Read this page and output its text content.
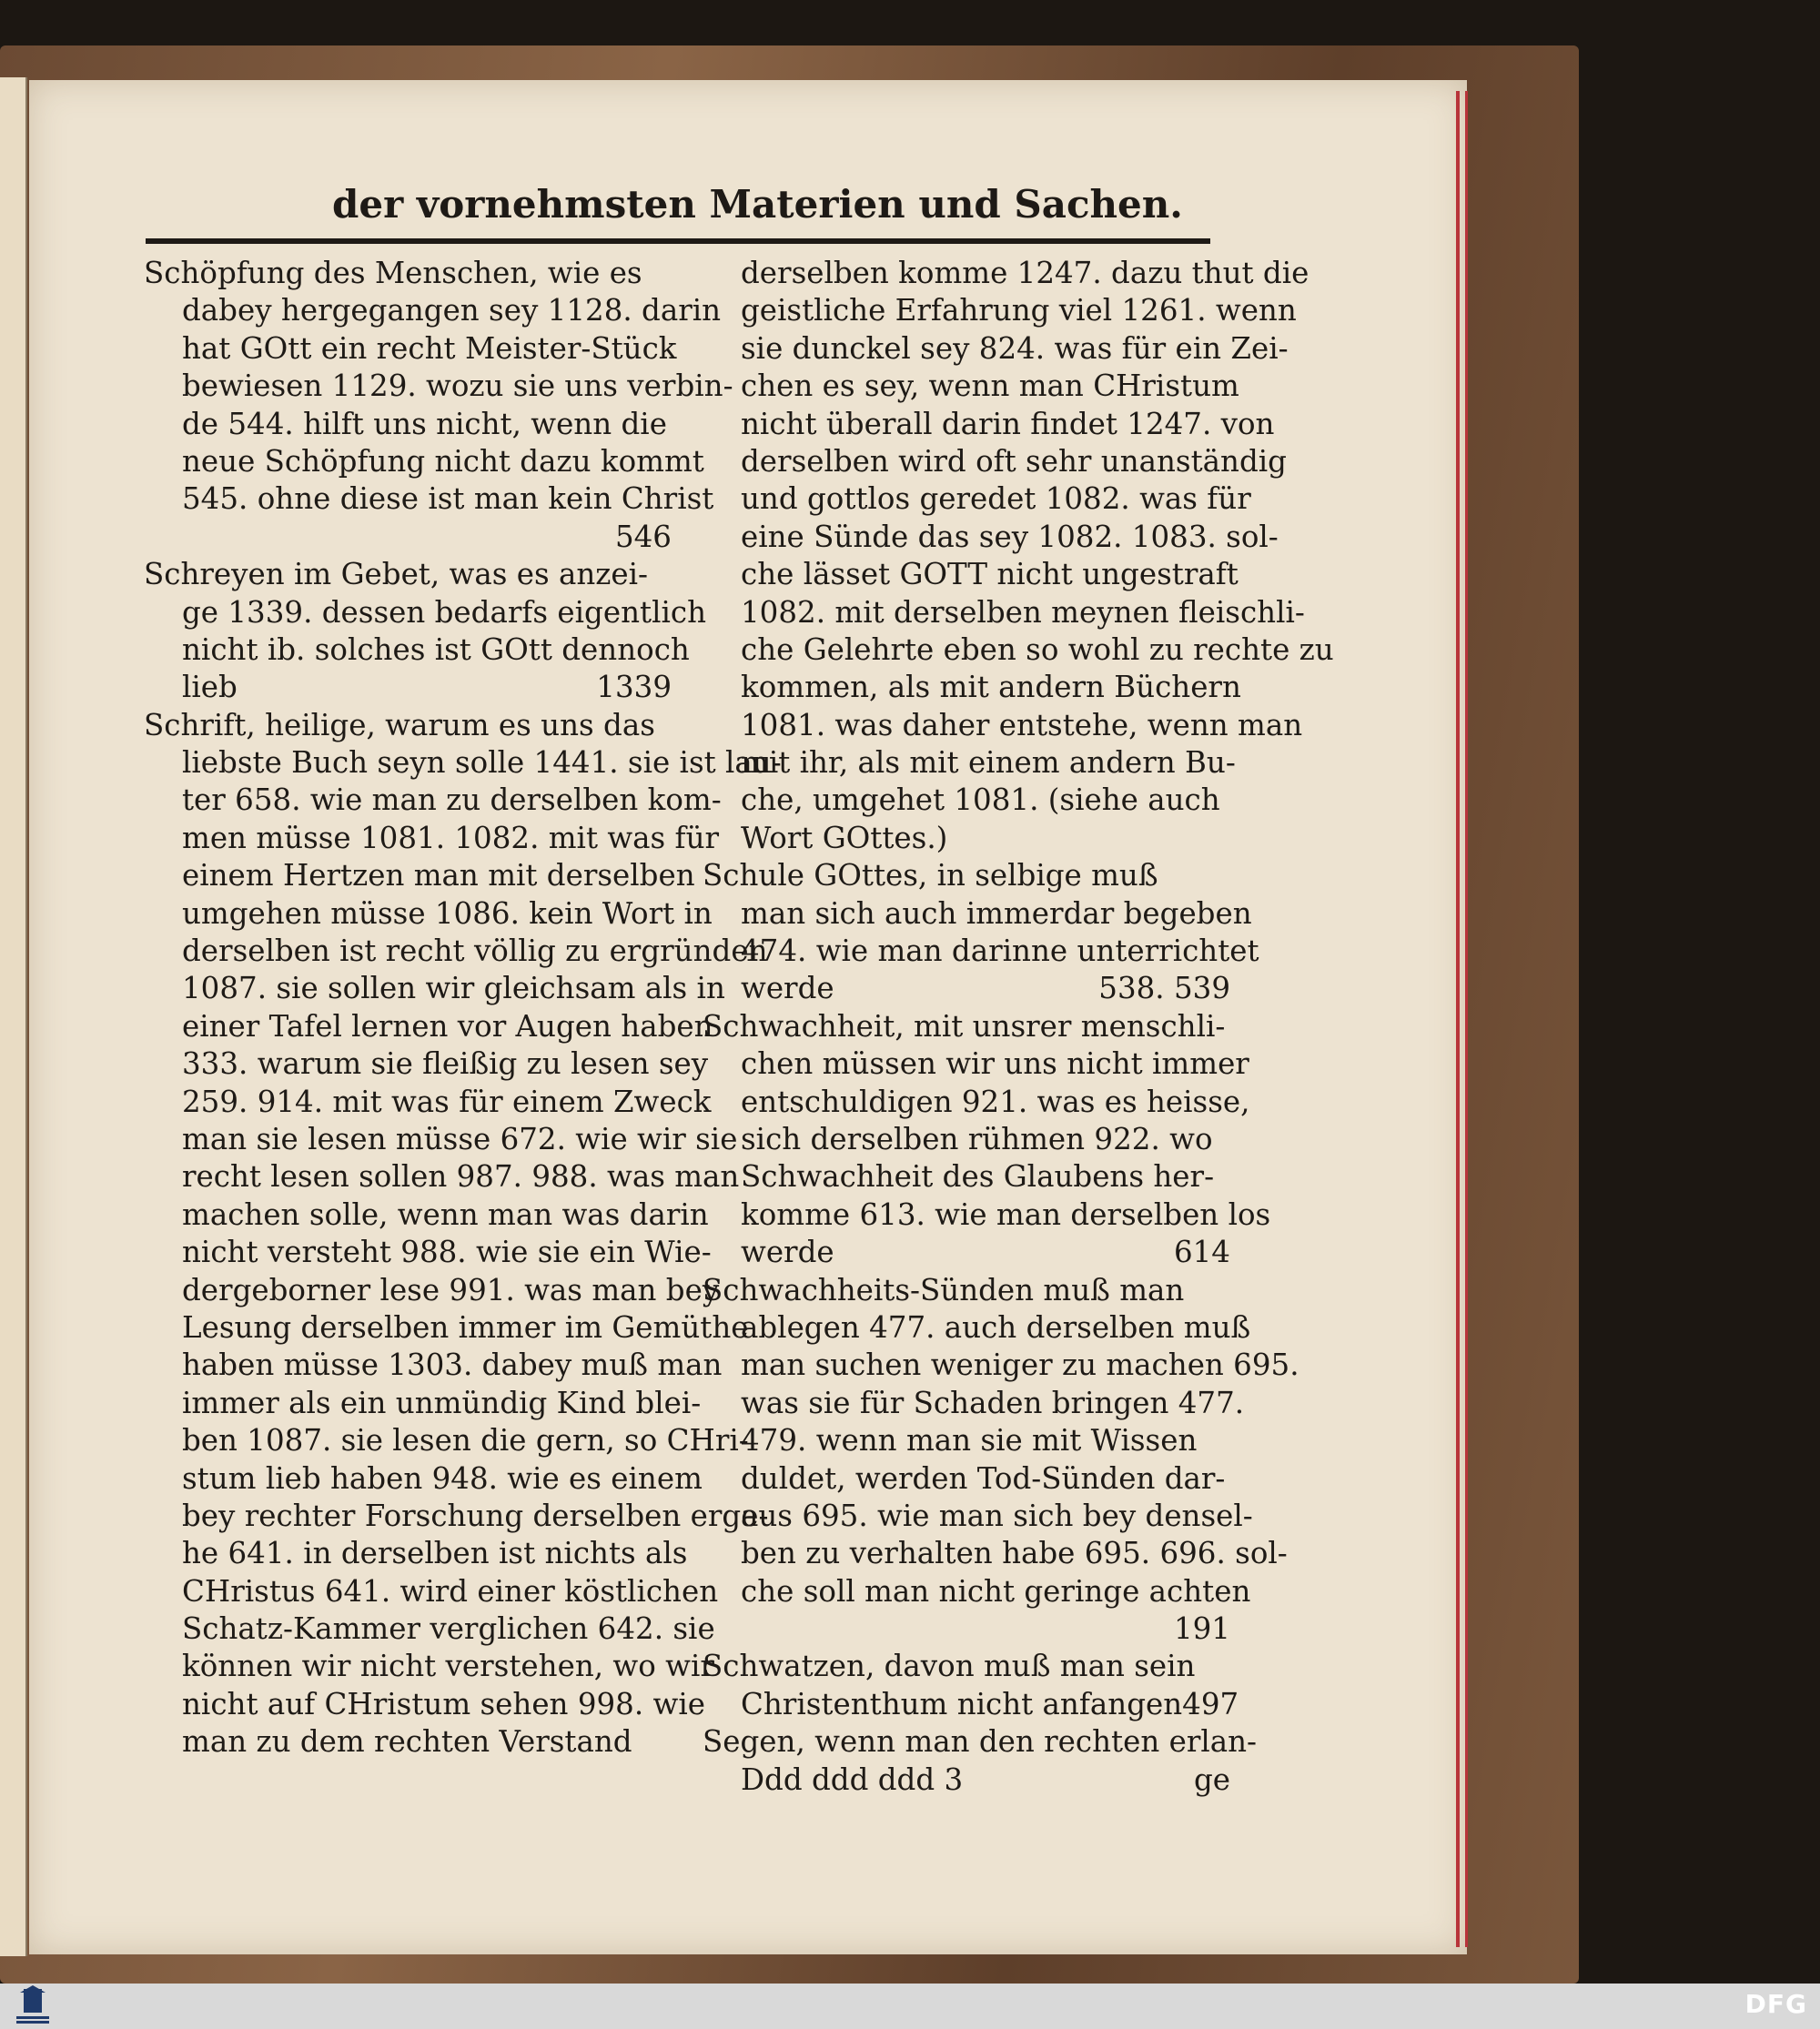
der vornehmsten Materien und Sachen.
Schöpfung des Menschen, wie es
dabey hergegangen sey 1128. darin
hat GOtt ein recht Meister-Stück
bewiesen 1129. wozu sie uns verbin-
de 544. hilft uns nicht, wenn die
neue Schöpfung nicht dazu kommt
545. ohne diese ist man kein Christ
546
Schreyen im Gebet, was es anzei-
ge 1339. dessen bedarfs eigentlich
nicht ib. solches ist GOtt dennoch
lieb	1339
Schrift, heilige, warum es uns das
liebste Buch seyn solle 1441. sie ist lau-
ter 658. wie man zu derselben kom-
men müsse 1081. 1082. mit was für
einem Hertzen man mit derselben
umgehen müsse 1086. kein Wort in
derselben ist recht völlig zu ergründen
1087. sie sollen wir gleichsam als in
einer Tafel lernen vor Augen haben
333. warum sie fleißig zu lesen sey
259. 914. mit was für einem Zweck
man sie lesen müsse 672. wie wir sie
recht lesen sollen 987. 988. was man
machen solle, wenn man was darin
nicht versteht 988. wie sie ein Wie-
dergeborner lese 991. was man bey
Lesung derselben immer im Gemüthe
haben müsse 1303. dabey muß man
immer als ein unmündig Kind blei-
ben 1087. sie lesen die gern, so CHri-
stum lieb haben 948. wie es einem
bey rechter Forschung derselben erge-
he 641. in derselben ist nichts als
CHristus 641. wird einer köstlichen
Schatz-Kammer verglichen 642. sie
können wir nicht verstehen, wo wir
nicht auf CHristum sehen 998. wie
man zu dem rechten Verstand
derselben komme 1247. dazu thut die
geistliche Erfahrung viel 1261. wenn
sie dunckel sey 824. was für ein Zei-
chen es sey, wenn man CHristum
nicht überall darin findet 1247. von
derselben wird oft sehr unanständig
und gottlos geredet 1082. was für
eine Sünde das sey 1082. 1083. sol-
che lässet GOTT nicht ungestraft
1082. mit derselben meynen fleischli-
che Gelehrte eben so wohl zu rechte zu
kommen, als mit andern Büchern
1081. was daher entstehe, wenn man
mit ihr, als mit einem andern Bu-
che, umgehet 1081. (siehe auch
Wort GOttes.)
Schule GOttes, in selbige muß
man sich auch immerdar begeben
474. wie man darinne unterrichtet
werde	538. 539
Schwachheit, mit unsrer menschli-
chen müssen wir uns nicht immer
entschuldigen 921. was es heisse,
sich derselben rühmen 922. wo
Schwachheit des Glaubens her-
komme 613. wie man derselben los
werde	614
Schwachheits-Sünden muß man
ablegen 477. auch derselben muß
man suchen weniger zu machen 695.
was sie für Schaden bringen 477.
479. wenn man sie mit Wissen
duldet, werden Tod-Sünden dar-
aus 695. wie man sich bey densel-
ben zu verhalten habe 695. 696. sol-
che soll man nicht geringe achten
191
Schwatzen, davon muß man sein
Christenthum nicht anfangen 497
Segen, wenn man den rechten erlan-
Ddd ddd ddd 3	ge
DFG
